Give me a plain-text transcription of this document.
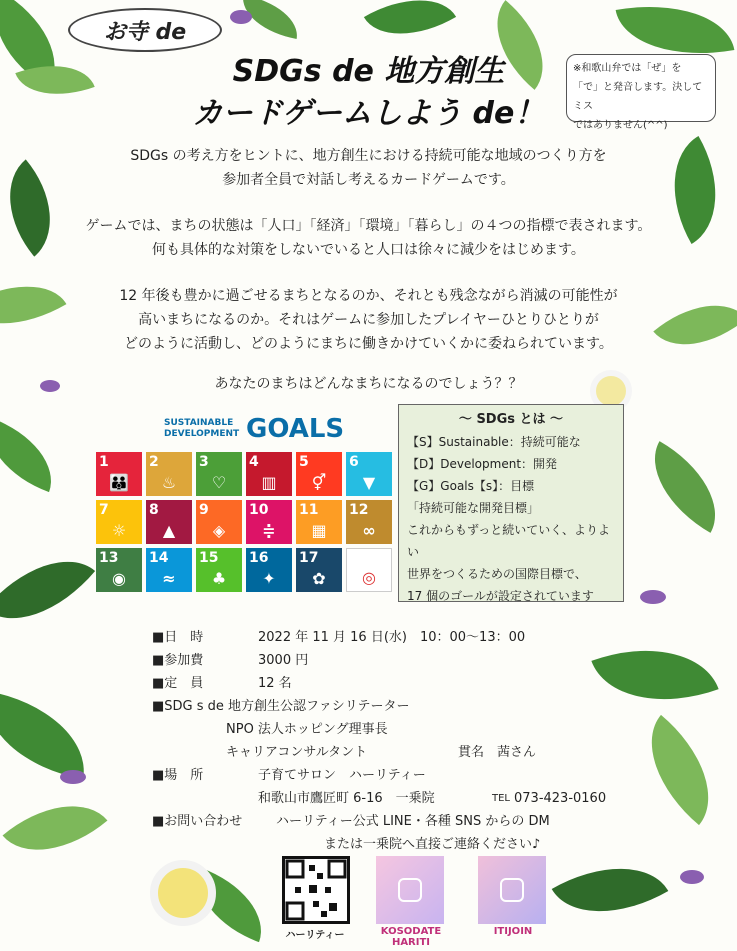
お寺 de
SDGs de 地方創生
カードゲームしよう de！
※和歌山弁では「ぜ」を
「で」と発音します。決してミス
ではありません(^^)
SDGs の考え方をヒントに、地方創生における持続可能な地域のつくり方を
参加者全員で対話し考えるカードゲームです。
ゲームでは、まちの状態は「人口」「経済」「環境」「暮らし」の４つの指標で表されます。
何も具体的な対策をしないでいると人口は徐々に減少をはじめます。
12 年後も豊かに過ごせるまちとなるのか、それとも残念ながら消滅の可能性が
高いまちになるのか。それはゲームに参加したプレイヤーひとりひとりが
どのように活動し、どのようにまちに働きかけていくかに委ねられています。
あなたのまちはどんなまちになるのでしょう？？
SUSTAINABLE
DEVELOPMENT GOALS
1
👪
2
♨
3
♡
4
▥
5
⚥
6
▼
7
☼
8
▲
9
◈
10
≑
11
▦
12
∞
13
◉
14
≈
15
♣
16
✦
17
✿	◎
～ SDGs とは ～
【S】Sustainable：持続可能な
【D】Development：開発
【G】Goals【s】：目標
「持続可能な開発目標」
これからもずっと続いていく、よりよい
世界をつくるための国際目標で、
17 個のゴールが設定されています
■日　時	2022 年 11 月 16 日(水)　10：00～13：00
■参加費	3000 円
■定　員	12 名
■SDG s de 地方創生公認ファシリテーター
NPO 法人ホッピング理事長
キャリアコンサルタント	貫名　茜さん
■場　所	子育てサロン　ハーリティー
和歌山市鷹匠町 6-16　一乗院	TEL 073-423-0160
■お問い合わせ	ハーリティー公式 LINE・各種 SNS からの DM
または一乗院へ直接ご連絡ください♪
ハーリティー	KOSODATE HARITI
ITIJOIN
